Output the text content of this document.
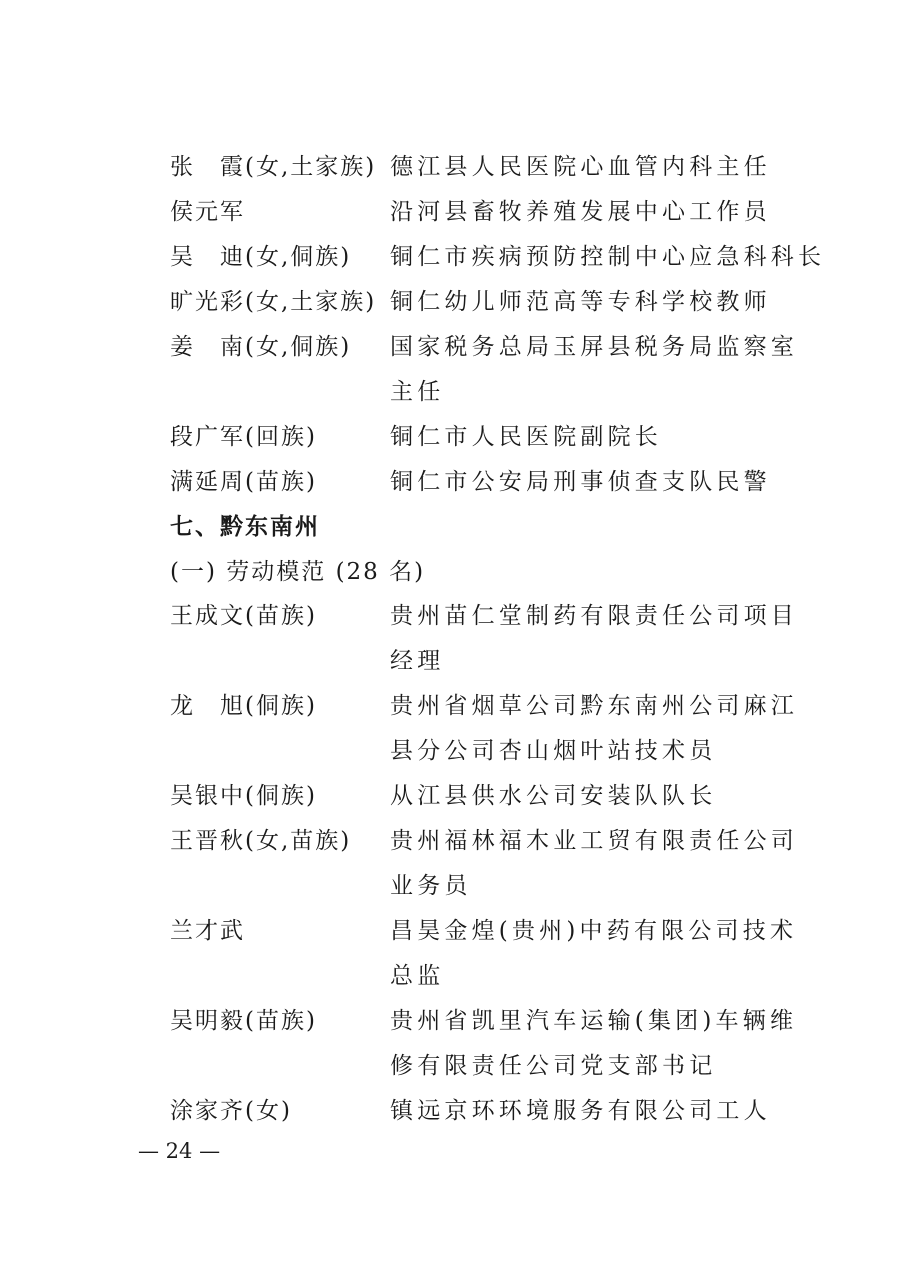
张　霞(女,土家族) 德江县人民医院心血管内科主任
侯元军	沿河县畜牧养殖发展中心工作员
吴　迪(女,侗族) 铜仁市疾病预防控制中心应急科科长
旷光彩(女,土家族) 铜仁幼儿师范高等专科学校教师
姜　南(女,侗族) 国家税务总局玉屏县税务局监察室
主任
段广军(回族)	铜仁市人民医院副院长
满延周(苗族)	铜仁市公安局刑事侦查支队民警
七、黔东南州
(一) 劳动模范 (28 名)
王成文(苗族)	贵州苗仁堂制药有限责任公司项目
经理
龙　旭(侗族)	贵州省烟草公司黔东南州公司麻江
县分公司杏山烟叶站技术员
吴银中(侗族)	从江县供水公司安装队队长
王晋秋(女,苗族) 贵州福林福木业工贸有限责任公司
业务员
兰才武	昌昊金煌(贵州)中药有限公司技术
总监
吴明毅(苗族)	贵州省凯里汽车运输(集团)车辆维
修有限责任公司党支部书记
涂家齐(女)	镇远京环环境服务有限公司工人
— 24 —
